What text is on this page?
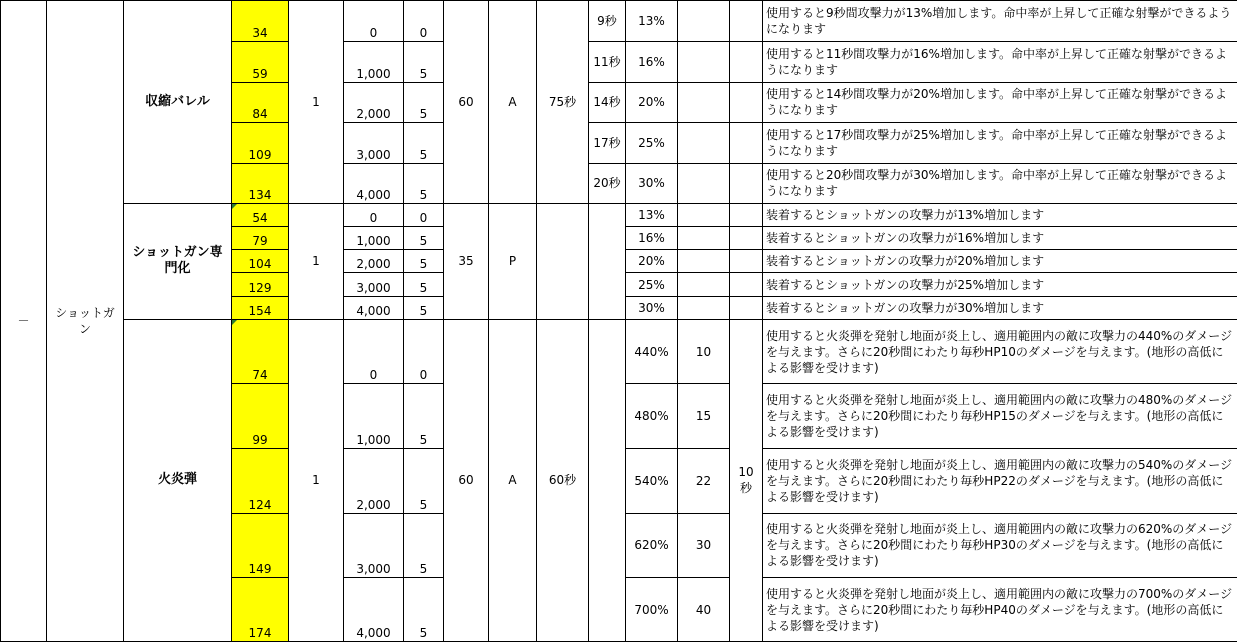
－	ショットガン	収縮バレル	34	1	0	0	60	A	75秒	9秒	13%			使用すると9秒間攻撃力が13%増加します。命中率が上昇して正確な射撃ができるようになります
			59		1,000	5				11秒	16%			使用すると11秒間攻撃力が16%増加します。命中率が上昇して正確な射撃ができるようになります
			84		2,000	5				14秒	20%			使用すると14秒間攻撃力が20%増加します。命中率が上昇して正確な射撃ができるようになります
			109		3,000	5				17秒	25%			使用すると17秒間攻撃力が25%増加します。命中率が上昇して正確な射撃ができるようになります
			134		4,000	5				20秒	30%			使用すると20秒間攻撃力が30%増加します。命中率が上昇して正確な射撃ができるようになります
		ショットガン専門化	54	1	0	0	35	P			13%			装着するとショットガンの攻撃力が13%増加します
			79		1,000	5					16%			装着するとショットガンの攻撃力が16%増加します
			104		2,000	5					20%			装着するとショットガンの攻撃力が20%増加します
			129		3,000	5					25%			装着するとショットガンの攻撃力が25%増加します
			154		4,000	5					30%			装着するとショットガンの攻撃力が30%増加します
		火炎弾	74	1	0	0	60	A	60秒		440%	10	10秒	使用すると火炎弾を発射し地面が炎上し、適用範囲内の敵に攻撃力の440%のダメージを与えます。さらに20秒間にわたり毎秒HP10のダメージを与えます。(地形の高低による影響を受けます)
			99		1,000	5					480%	15		使用すると火炎弾を発射し地面が炎上し、適用範囲内の敵に攻撃力の480%のダメージを与えます。さらに20秒間にわたり毎秒HP15のダメージを与えます。(地形の高低による影響を受けます)
			124		2,000	5					540%	22		使用すると火炎弾を発射し地面が炎上し、適用範囲内の敵に攻撃力の540%のダメージを与えます。さらに20秒間にわたり毎秒HP22のダメージを与えます。(地形の高低による影響を受けます)
			149		3,000	5					620%	30		使用すると火炎弾を発射し地面が炎上し、適用範囲内の敵に攻撃力の620%のダメージを与えます。さらに20秒間にわたり毎秒HP30のダメージを与えます。(地形の高低による影響を受けます)
			174		4,000	5					700%	40		使用すると火炎弾を発射し地面が炎上し、適用範囲内の敵に攻撃力の700%のダメージを与えます。さらに20秒間にわたり毎秒HP40のダメージを与えます。(地形の高低による影響を受けます)
